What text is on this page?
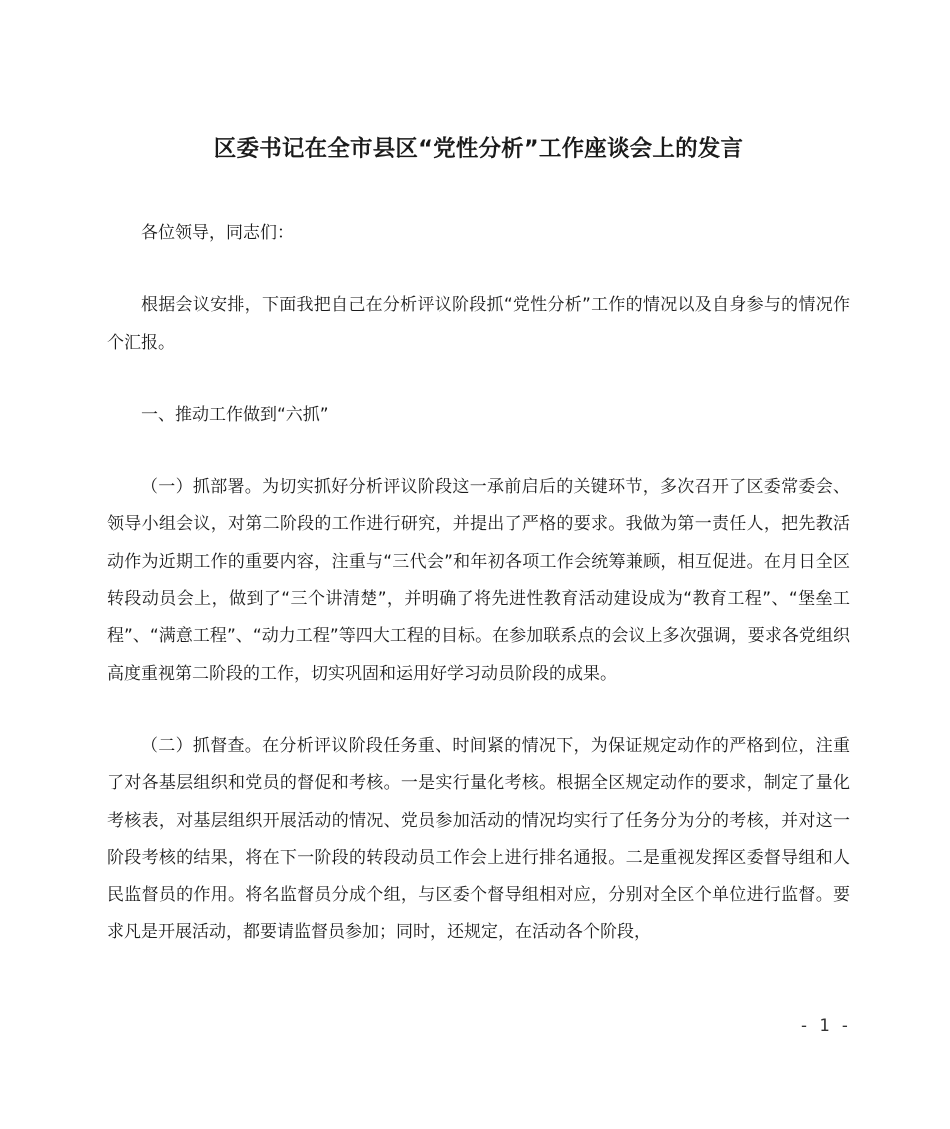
区委书记在全市县区“党性分析”工作座谈会上的发言

各位领导，同志们：

根据会议安排，下面我把自己在分析评议阶段抓“党性分析”工作的情况以及自身参与的情况作个汇报。

一、推动工作做到“六抓”

（一）抓部署。为切实抓好分析评议阶段这一承前启后的关键环节，多次召开了区委常委会、领导小组会议，对第二阶段的工作进行研究，并提出了严格的要求。我做为第一责任人，把先教活动作为近期工作的重要内容，注重与“三代会”和年初各项工作会统筹兼顾，相互促进。在月日全区转段动员会上，做到了“三个讲清楚”，并明确了将先进性教育活动建设成为“教育工程”、“堡垒工程”、“满意工程”、“动力工程”等四大工程的目标。在参加联系点的会议上多次强调，要求各党组织高度重视第二阶段的工作，切实巩固和运用好学习动员阶段的成果。

（二）抓督查。在分析评议阶段任务重、时间紧的情况下，为保证规定动作的严格到位，注重了对各基层组织和党员的督促和考核。一是实行量化考核。根据全区规定动作的要求，制定了量化考核表，对基层组织开展活动的情况、党员参加活动的情况均实行了任务分为分的考核，并对这一阶段考核的结果，将在下一阶段的转段动员工作会上进行排名通报。二是重视发挥区委督导组和人民监督员的作用。将名监督员分成个组，与区委个督导组相对应，分别对全区个单位进行监督。要求凡是开展活动，都要请监督员参加；同时，还规定，在活动各个阶段，

- 1 -
